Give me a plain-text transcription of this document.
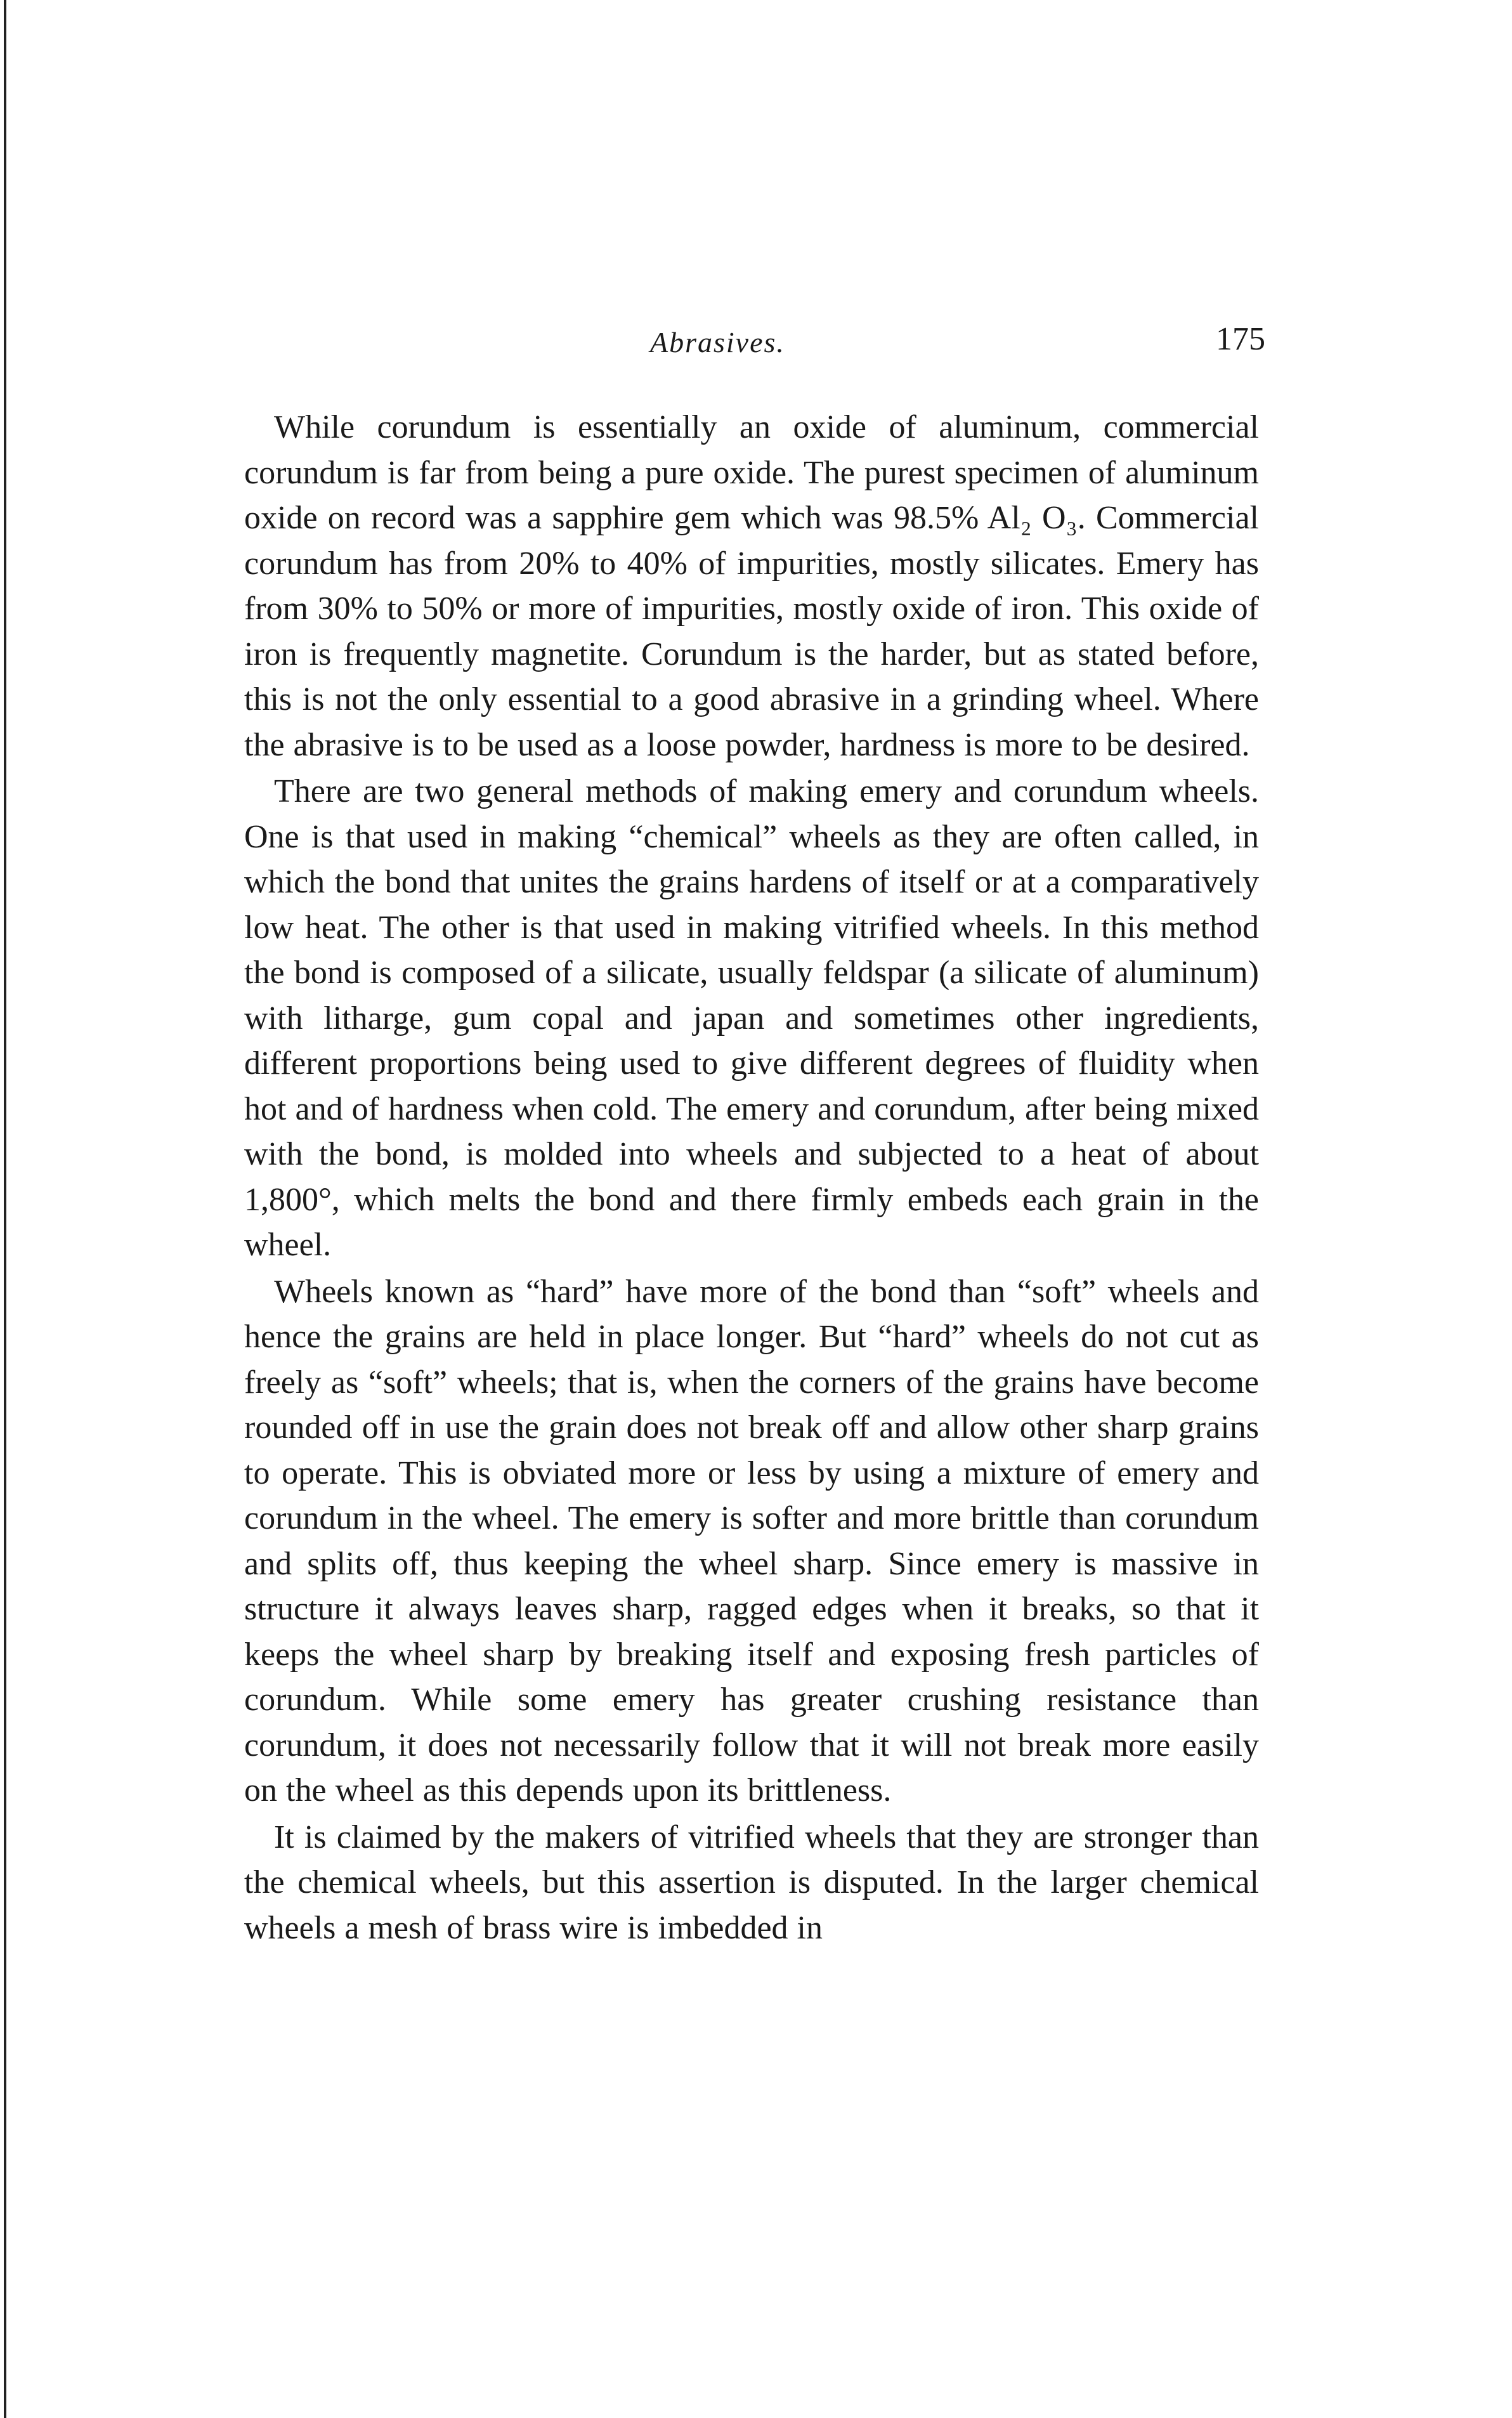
Abrasives.	175

While corundum is essentially an oxide of aluminum, commercial corundum is far from being a pure oxide. The purest specimen of aluminum oxide on record was a sapphire gem which was 98.5% Al₂ O₃. Commercial corundum has from 20% to 40% of impurities, mostly silicates. Emery has from 30% to 50% or more of impurities, mostly oxide of iron. This oxide of iron is frequently magnetite. Corundum is the harder, but as stated before, this is not the only essential to a good abrasive in a grinding wheel. Where the abrasive is to be used as a loose powder, hardness is more to be desired.

There are two general methods of making emery and corundum wheels. One is that used in making “chemical” wheels as they are often called, in which the bond that unites the grains hardens of itself or at a comparatively low heat. The other is that used in making vitrified wheels. In this method the bond is composed of a silicate, usually feldspar (a silicate of aluminum) with litharge, gum copal and japan and sometimes other ingredients, different proportions being used to give different degrees of fluidity when hot and of hardness when cold. The emery and corundum, after being mixed with the bond, is molded into wheels and subjected to a heat of about 1,800°, which melts the bond and there firmly embeds each grain in the wheel.

Wheels known as “hard” have more of the bond than “soft” wheels and hence the grains are held in place longer. But “hard” wheels do not cut as freely as “soft” wheels; that is, when the corners of the grains have become rounded off in use the grain does not break off and allow other sharp grains to operate. This is obviated more or less by using a mixture of emery and corundum in the wheel. The emery is softer and more brittle than corundum and splits off, thus keeping the wheel sharp. Since emery is massive in structure it always leaves sharp, ragged edges when it breaks, so that it keeps the wheel sharp by breaking itself and exposing fresh particles of corundum. While some emery has greater crushing resistance than corundum, it does not necessarily follow that it will not break more easily on the wheel as this depends upon its brittleness.

It is claimed by the makers of vitrified wheels that they are stronger than the chemical wheels, but this assertion is disputed. In the larger chemical wheels a mesh of brass wire is imbedded in
